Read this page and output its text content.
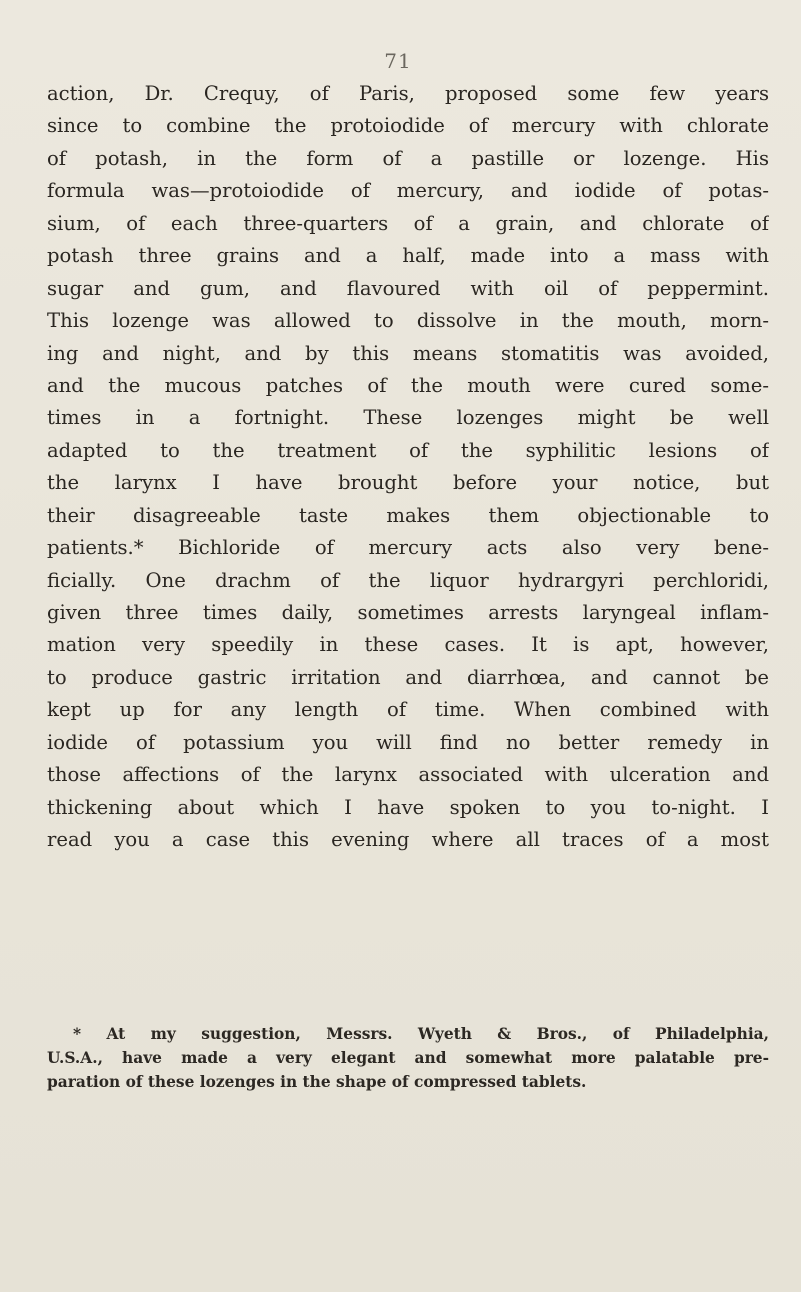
71
action, Dr. Crequy, of Paris, proposed some few years
since to combine the protoiodide of mercury with chlorate
of potash, in the form of a pastille or lozenge. His
formula was—protoiodide of mercury, and iodide of potas-
sium, of each three-quarters of a grain, and chlorate of
potash three grains and a half, made into a mass with
sugar and gum, and flavoured with oil of peppermint.
This lozenge was allowed to dissolve in the mouth, morn-
ing and night, and by this means stomatitis was avoided,
and the mucous patches of the mouth were cured some-
times in a fortnight. These lozenges might be well
adapted to the treatment of the syphilitic lesions of
the larynx I have brought before your notice, but
their disagreeable taste makes them objectionable to
patients.* Bichloride of mercury acts also very bene-
ficially. One drachm of the liquor hydrargyri perchloridi,
given three times daily, sometimes arrests laryngeal inflam-
mation very speedily in these cases. It is apt, however,
to produce gastric irritation and diarrhœa, and cannot be
kept up for any length of time. When combined with
iodide of potassium you will find no better remedy in
those affections of the larynx associated with ulceration and
thickening about which I have spoken to you to-night. I
read you a case this evening where all traces of a most
* At my suggestion, Messrs. Wyeth & Bros., of Philadelphia,
U.S.A., have made a very elegant and somewhat more palatable pre-
paration of these lozenges in the shape of compressed tablets.
